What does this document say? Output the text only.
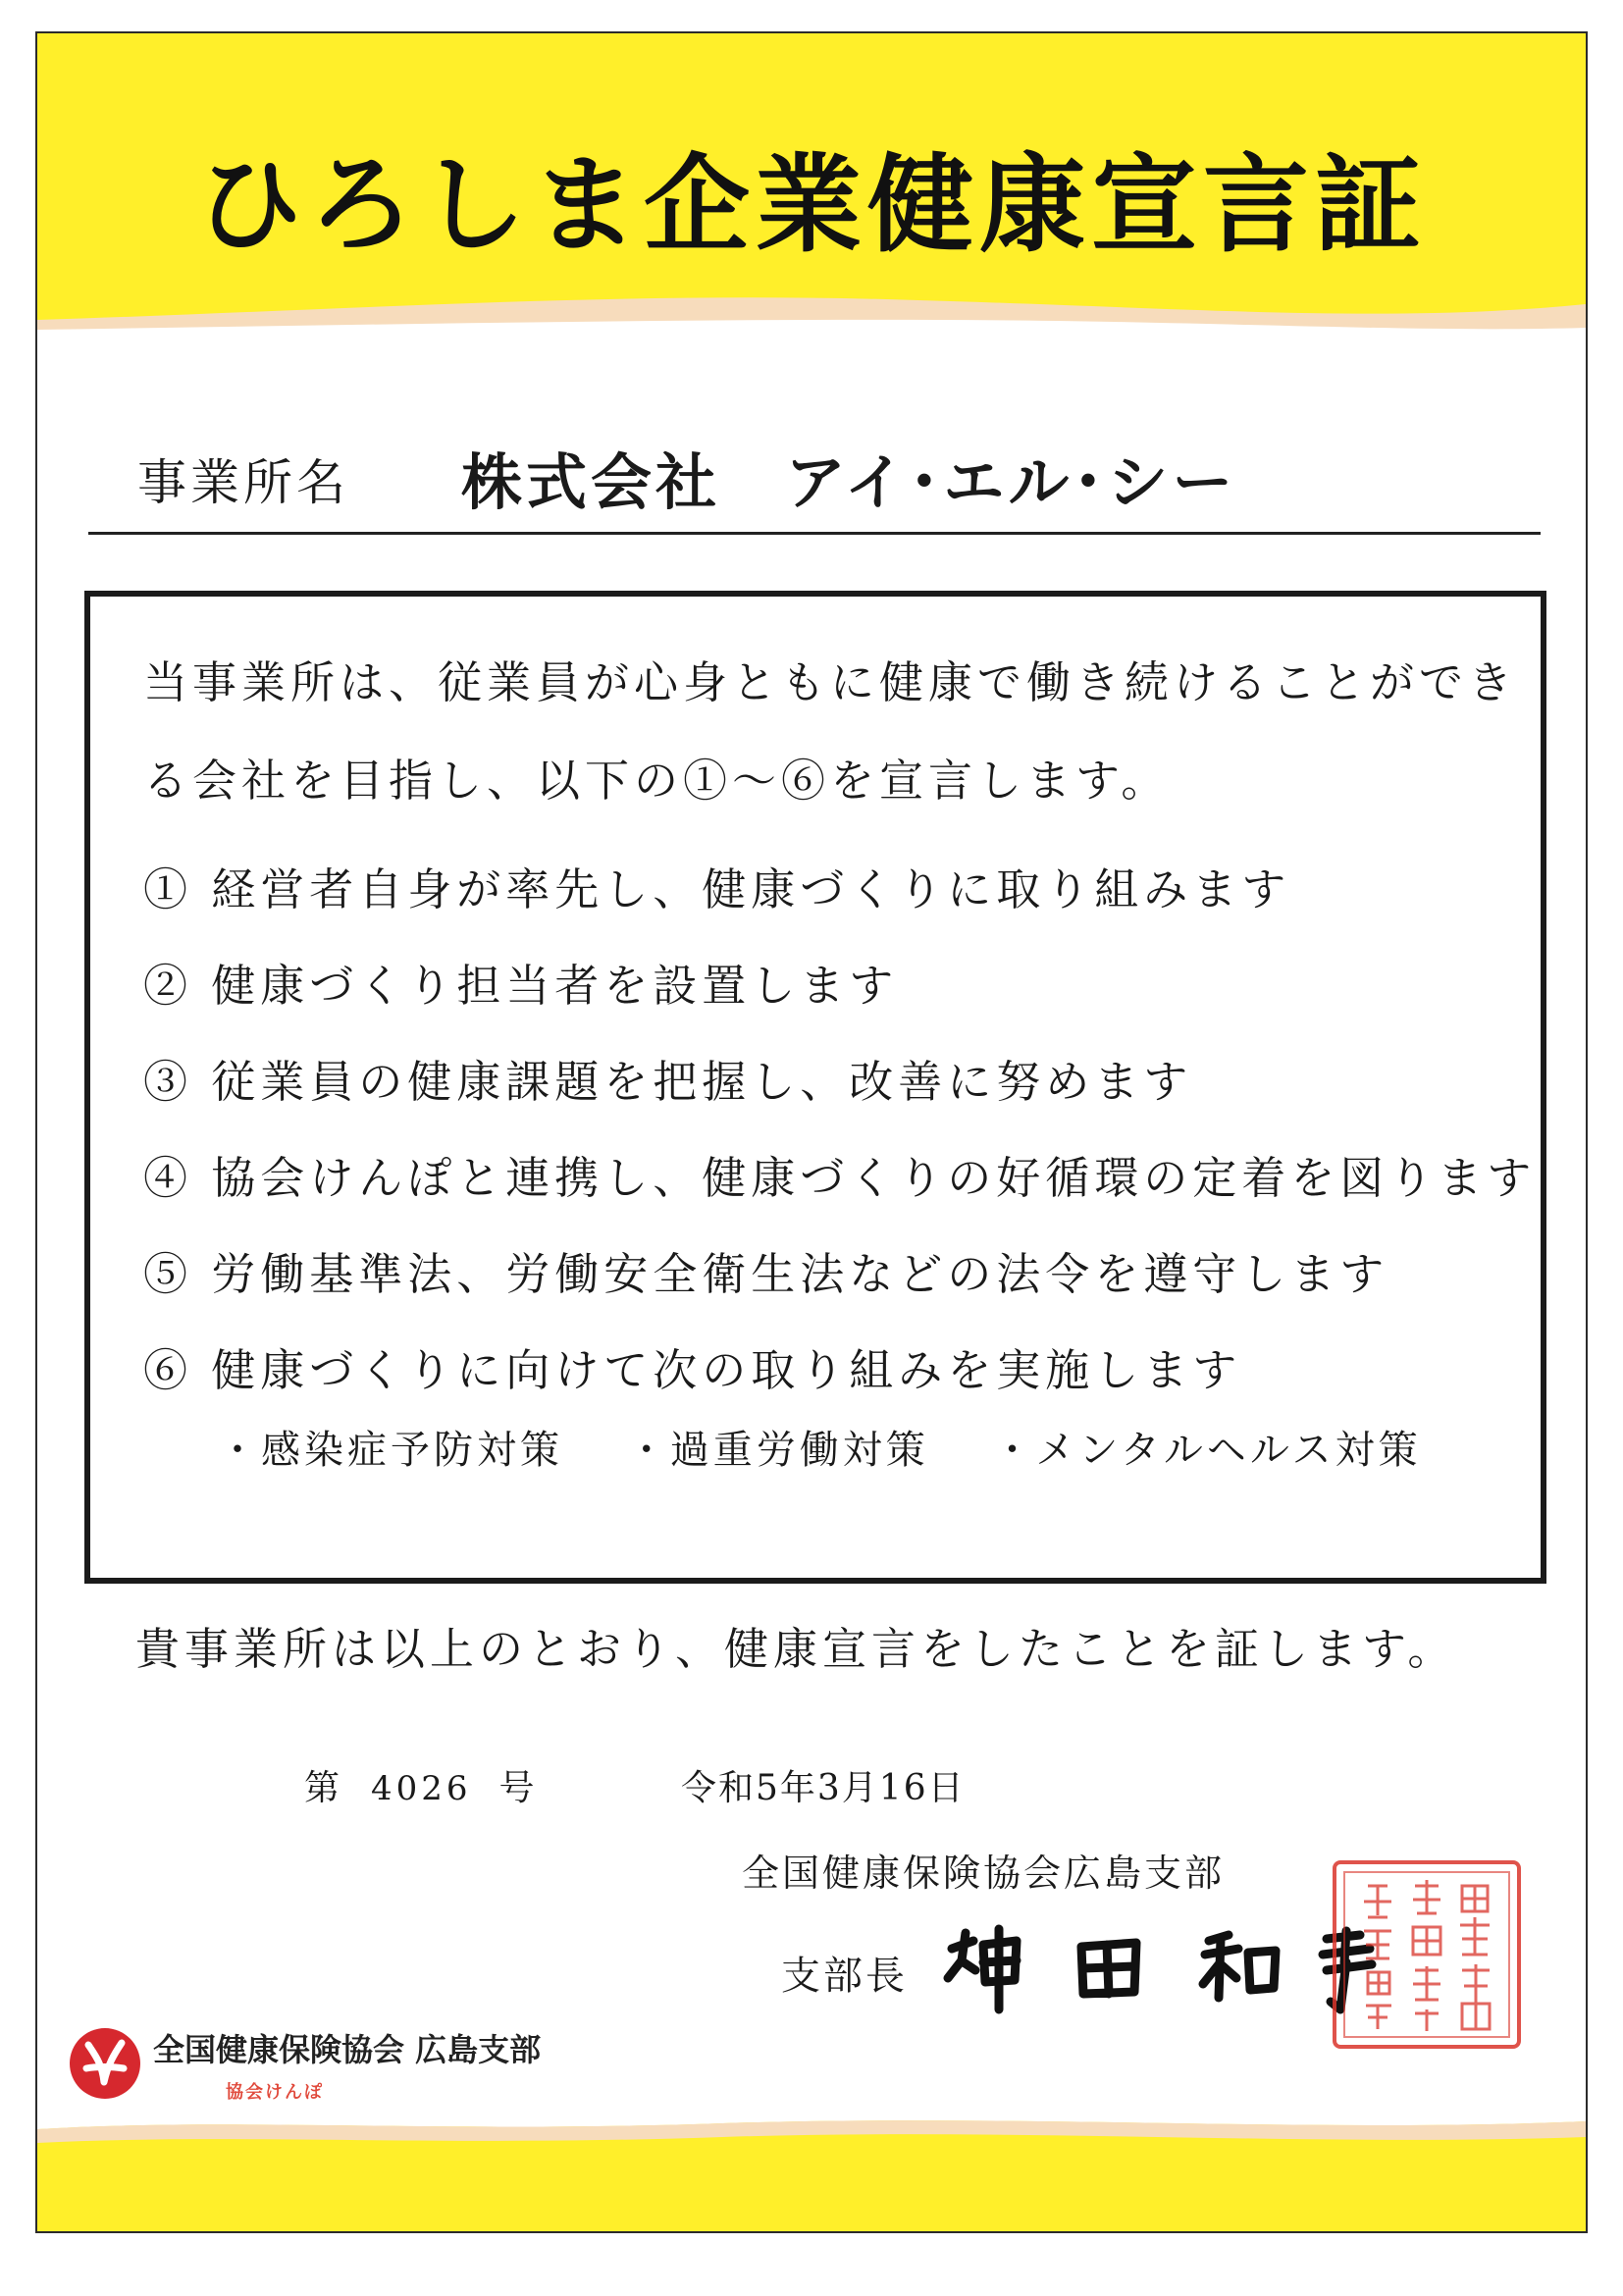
ひろしま企業健康宣言証
事業所名 株式会社　アイ･エル･シー
当事業所は、従業員が心身ともに健康で働き続けることができる会社を目指し、以下の①～⑥を宣言します。
① 経営者自身が率先し、健康づくりに取り組みます
② 健康づくり担当者を設置します
③ 従業員の健康課題を把握し、改善に努めます
④ 協会けんぽと連携し、健康づくりの好循環の定着を図ります
⑤ 労働基準法、労働安全衛生法などの法令を遵守します
⑥ 健康づくりに向けて次の取り組みを実施します
・感染症予防対策 ・過重労働対策 ・メンタルヘルス対策
貴事業所は以上のとおり、健康宣言をしたことを証します。
第 4026 号	令和5年3月16日
全国健康保険協会広島支部
支部長
全国健康保険協会 広島支部
協会けんぽ
